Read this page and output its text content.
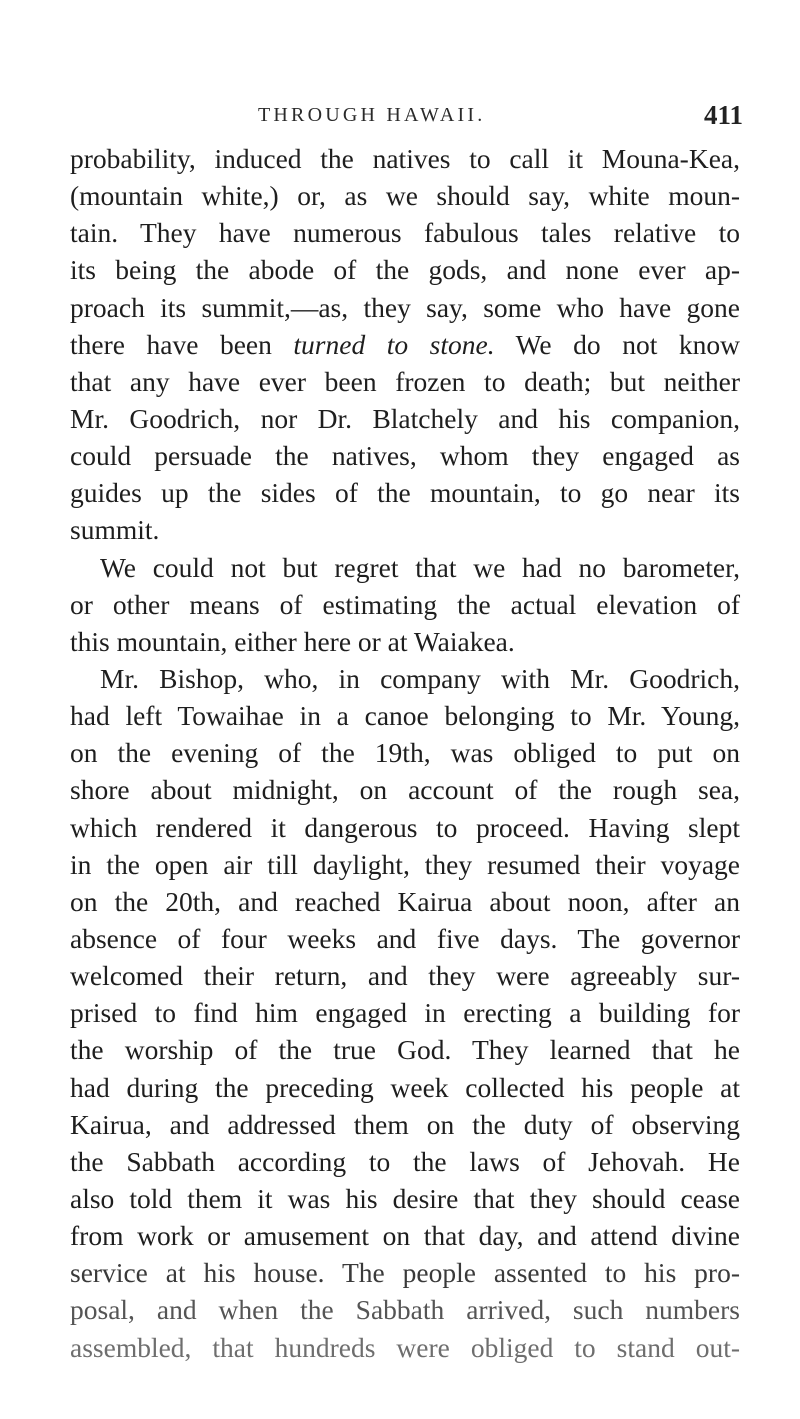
THROUGH HAWAII.	411
probability, induced the natives to call it Mouna-Kea,
(mountain white,) or, as we should say, white moun-
tain. They have numerous fabulous tales relative to
its being the abode of the gods, and none ever ap-
proach its summit,—as, they say, some who have gone
there have been turned to stone. We do not know
that any have ever been frozen to death; but neither
Mr. Goodrich, nor Dr. Blatchely and his companion,
could persuade the natives, whom they engaged as
guides up the sides of the mountain, to go near its
summit.
We could not but regret that we had no barometer,
or other means of estimating the actual elevation of
this mountain, either here or at Waiakea.
Mr. Bishop, who, in company with Mr. Goodrich,
had left Towaihae in a canoe belonging to Mr. Young,
on the evening of the 19th, was obliged to put on
shore about midnight, on account of the rough sea,
which rendered it dangerous to proceed. Having slept
in the open air till daylight, they resumed their voyage
on the 20th, and reached Kairua about noon, after an
absence of four weeks and five days. The governor
welcomed their return, and they were agreeably sur-
prised to find him engaged in erecting a building for
the worship of the true God. They learned that he
had during the preceding week collected his people at
Kairua, and addressed them on the duty of observing
the Sabbath according to the laws of Jehovah. He
also told them it was his desire that they should cease
from work or amusement on that day, and attend divine
service at his house. The people assented to his pro-
posal, and when the Sabbath arrived, such numbers
assembled, that hundreds were obliged to stand out-
